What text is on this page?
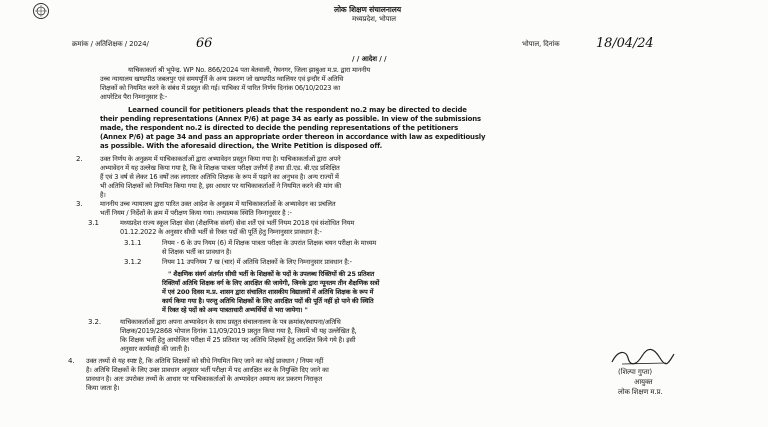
लोक शिक्षण संचालनालय
मध्यप्रदेश, भोपाल
क्रमांक / अतिशिक्षक / 2024/	66	भोपाल, दिनांक	18/04/24
/ / आदेश / /
याचिकाकर्ता श्री भूपेन्द्र. WP No. 866/2024 पता बेतवाली, गेघनगर, जिला झाबुआ म.प्र. द्वारा माननीय
उच्च न्यायालय खण्डपीठ जबलपुर एवं समयपूर्ति के अन्य प्रकरण जो खण्डपीठ ग्वालियर एवं इन्दौर में अतिथि
शिक्षकों को नियमित करने के संबंध में प्रस्तुत की गई। याचिका में पारित निर्णय दिनांक 06/10/2023 का
आपरेटिव पैरा निम्नानुसार है:-
Learned council for petitioners pleads that the respondent no.2 may be directed to decide
their pending representations (Annex P/6) at page 34 as early as possible. In view of the submissions
made, the respondent no.2 is directed to decide the pending representations of the petitioners
(Annex P/6) at page 34 and pass an appropriate order thereon in accordance with law as expeditiously
as possible. With the aforesaid direction, the Write Petition is disposed off.
2.	उक्त निर्णय के अनुक्रम में याचिकाकर्ताओं द्वारा अभ्यावेदन प्रस्तुत किया गया है। याचिकाकर्ताओं द्वारा अपने
अभ्यावेदन में यह उल्लेख किया गया है, कि वे शिक्षक पात्रता परीक्षा उत्तीर्ण हैं तथा डी.एड. बी.एड प्रशिक्षित
हैं एवं 3 वर्ष से लेकर 16 वर्षों तक लगातार अतिथि शिक्षक के रूप में पढ़ाने का अनुभव है। अन्य राज्यों में
भी अतिथि शिक्षकों को नियमित किया गया है, इस आधार पर याचिकाकर्ताओं ने नियमित करने की मांग की
है।
3.	माननीय उच्च न्यायालय द्वारा पारित उक्त आदेश के अनुक्रम में याचिकाकर्ताओं के अभ्यावेदन का प्रचलित
भर्ती नियम / निर्देशों के क्रम में परीक्षण किया गया। तथ्यात्मक स्थिति निम्नानुसार है :-
3.1	मध्यप्रदेश राज्य स्कूल शिक्षा सेवा (शैक्षणिक संवर्ग) सेवा शर्तें एवं भर्ती नियम 2018 एवं संशोधित नियम
01.12.2022 के अनुसार सीधी भर्ती से रिक्त पदों की पूर्ति हेतु निम्नानुसार प्रावधान है:-
3.1.1	नियम - 6 के उप नियम (6) में शिक्षक पात्रता परीक्षा के उपरांत शिक्षक चयन परीक्षा के माध्यम
से शिक्षक भर्ती का प्रावधान है।
3.1.2	नियम 11 उपनियम 7 ख (चार) में अतिथि शिक्षकों के लिए निम्नानुसार प्रावधान है:-
" शैक्षणिक संवर्ग अंतर्गत सीधी भर्ती के शिक्षकों के पदों के उपलब्ध रिक्तियों की 25 प्रतिशत
रिक्तियाँ अतिथि शिक्षक वर्ग के लिए आरक्षित की जायेगी, जिनके द्वारा न्यूनतम तीन शैक्षणिक सत्रों
में एवं 200 दिवस म.प्र. शासन द्वारा संचालित शासकीय विद्यालयों में अतिथि शिक्षक के रूप में
कार्य किया गया है। परन्तु अतिथि शिक्षकों के लिए आरक्षित पदों की पूर्ति नहीं हो पाने की स्थिति
में रिक्त रहे पदों को अन्य पात्रताधारी अभ्यर्थियों से भरा जायेगा। "
3.2.	याचिकाकर्ताओं द्वारा अपना अभ्यावेदन के साथ प्रस्तुत संचालनालय के पत्र क्रमांक/स्थापना/अतिथि
शिक्षक/2019/2868 भोपाल दिनांक 11/09/2019 प्रस्तुत किया गया है, जिसमें भी यह उल्लेखित है,
कि शिक्षक भर्ती हेतु आयोजित परीक्षा में 25 प्रतिशत पद अतिथि शिक्षकों हेतु आरक्षित किये गये है। इसी
अनुसार कार्यवाही की जाती है।
4. उक्त तथ्यों से यह स्पष्ट है, कि अतिथि शिक्षकों को सीधे नियमित किए जाने का कोई प्रावधान / नियम नहीं
है। अतिथि शिक्षकों के लिए उक्त प्रावधान अनुसार भर्ती परीक्षा में पद आरक्षित कर के नियुक्ति दिए जाने का
प्रावधान है। अतः उपरोक्त तथ्यों के आधार पर याचिकाकर्ताओं के अभ्यावेदन अमान्य कर प्रकरण निराकृत
किया जाता है।
(शिल्पा गुप्ता)
आयुक्त
लोक शिक्षण म.प्र.
